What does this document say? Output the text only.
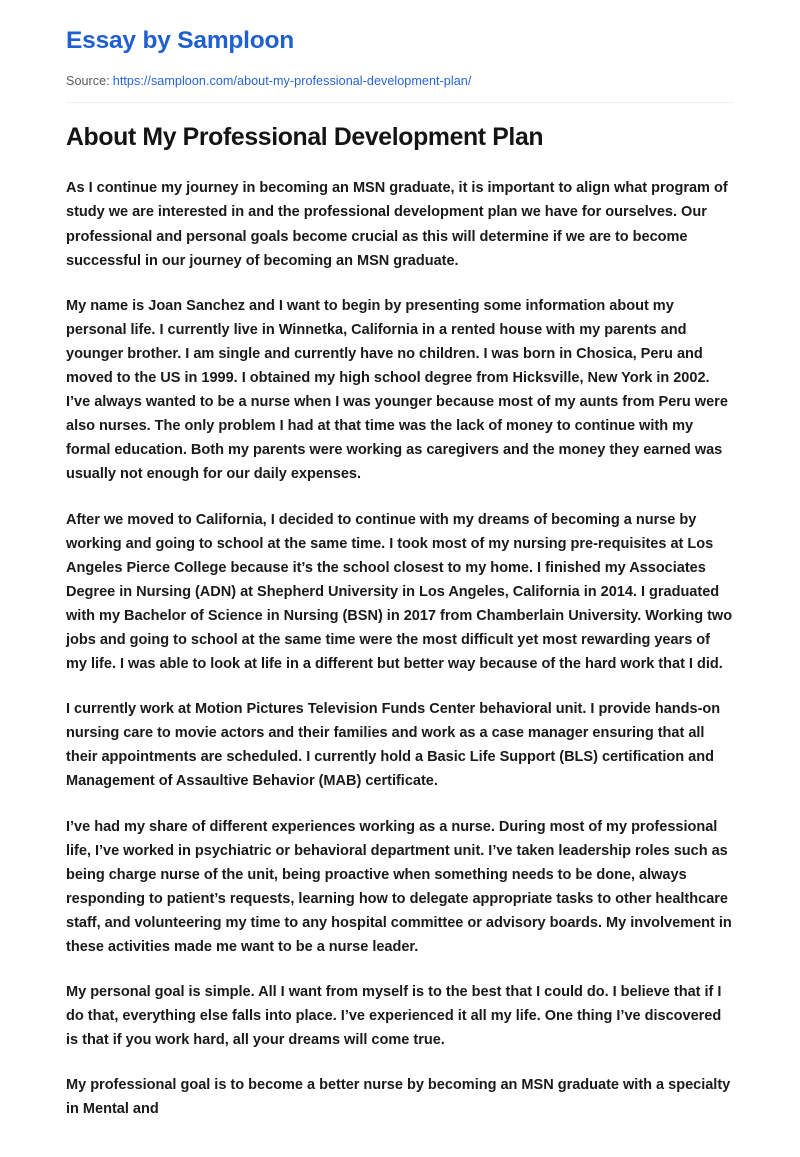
Essay by Samploon
Source: https://samploon.com/about-my-professional-development-plan/
About My Professional Development Plan

As I continue my journey in becoming an MSN graduate, it is important to align what program of study we are interested in and the professional development plan we have for ourselves. Our professional and personal goals become crucial as this will determine if we are to become successful in our journey of becoming an MSN graduate.

My name is Joan Sanchez and I want to begin by presenting some information about my personal life. I currently live in Winnetka, California in a rented house with my parents and younger brother. I am single and currently have no children. I was born in Chosica, Peru and moved to the US in 1999. I obtained my high school degree from Hicksville, New York in 2002. I’ve always wanted to be a nurse when I was younger because most of my aunts from Peru were also nurses. The only problem I had at that time was the lack of money to continue with my formal education. Both my parents were working as caregivers and the money they earned was usually not enough for our daily expenses.

After we moved to California, I decided to continue with my dreams of becoming a nurse by working and going to school at the same time. I took most of my nursing pre-requisites at Los Angeles Pierce College because it’s the school closest to my home. I finished my Associates Degree in Nursing (ADN) at Shepherd University in Los Angeles, California in 2014. I graduated with my Bachelor of Science in Nursing (BSN) in 2017 from Chamberlain University. Working two jobs and going to school at the same time were the most difficult yet most rewarding years of my life. I was able to look at life in a different but better way because of the hard work that I did.

I currently work at Motion Pictures Television Funds Center behavioral unit. I provide hands-on nursing care to movie actors and their families and work as a case manager ensuring that all their appointments are scheduled. I currently hold a Basic Life Support (BLS) certification and Management of Assaultive Behavior (MAB) certificate.

I’ve had my share of different experiences working as a nurse. During most of my professional life, I’ve worked in psychiatric or behavioral department unit. I’ve taken leadership roles such as being charge nurse of the unit, being proactive when something needs to be done, always responding to patient’s requests, learning how to delegate appropriate tasks to other healthcare staff, and volunteering my time to any hospital committee or advisory boards. My involvement in these activities made me want to be a nurse leader.

My personal goal is simple. All I want from myself is to the best that I could do. I believe that if I do that, everything else falls into place. I’ve experienced it all my life. One thing I’ve discovered is that if you work hard, all your dreams will come true.

My professional goal is to become a better nurse by becoming an MSN graduate with a specialty in Mental and
